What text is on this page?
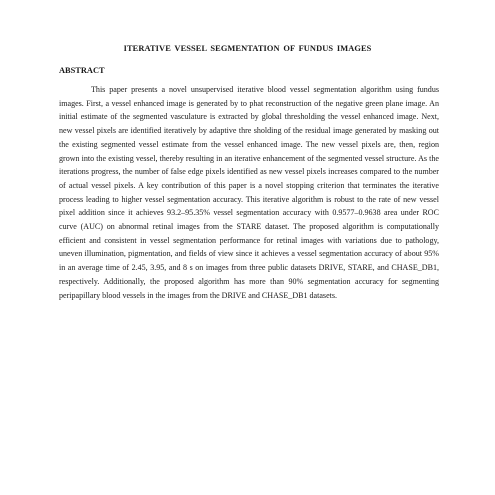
ITERATIVE VESSEL SEGMENTATION OF FUNDUS IMAGES
ABSTRACT

This paper presents a novel unsupervised iterative blood vessel segmentation algorithm using fundus images. First, a vessel enhanced image is generated by to phat reconstruction of the negative green plane image. An initial estimate of the segmented vasculature is extracted by global thresholding the vessel enhanced image. Next, new vessel pixels are identified iteratively by adaptive thre sholding of the residual image generated by masking out the existing segmented vessel estimate from the vessel enhanced image. The new vessel pixels are, then, region grown into the existing vessel, thereby resulting in an iterative enhancement of the segmented vessel structure. As the iterations progress, the number of false edge pixels identified as new vessel pixels increases compared to the number of actual vessel pixels. A key contribution of this paper is a novel stopping criterion that terminates the iterative process leading to higher vessel segmentation accuracy. This iterative algorithm is robust to the rate of new vessel pixel addition since it achieves 93.2–95.35% vessel segmentation accuracy with 0.9577–0.9638 area under ROC curve (AUC) on abnormal retinal images from the STARE dataset. The proposed algorithm is computationally efficient and consistent in vessel segmentation performance for retinal images with variations due to pathology, uneven illumination, pigmentation, and fields of view since it achieves a vessel segmentation accuracy of about 95% in an average time of 2.45, 3.95, and 8 s on images from three public datasets DRIVE, STARE, and CHASE_DB1, respectively. Additionally, the proposed algorithm has more than 90% segmentation accuracy for segmenting peripapillary blood vessels in the images from the DRIVE and CHASE_DB1 datasets.
